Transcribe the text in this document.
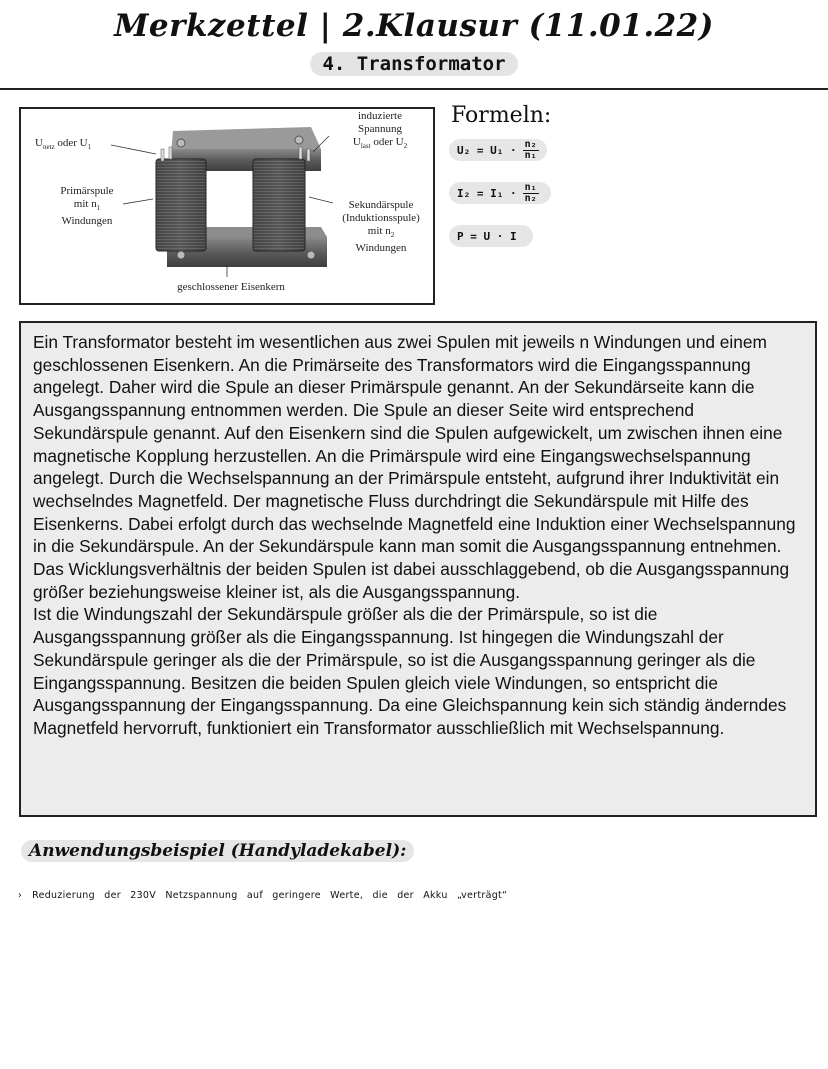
Merkzettel | 2.Klausur (11.01.22)
4. Transformator
$U_{netz}$ oder $U_1$
Primärspule
mit $n_1$
Windungen
induzierte
Spannung
$U_{last}$ oder $U_2$
Sekundärspule
(Induktionsspule)
mit $n_2$
Windungen
geschlossener Eisenkern
Formeln:
$U_2 = U_1 \cdot \frac{\text{n₂}}{\text{n₁}}$
$I_2 = I_1 \cdot \frac{\text{n₁}}{\text{n₂}}$
P = U · I

Ein Transformator besteht im wesentlichen aus zwei Spulen mit jeweils n Windungen und einem geschlossenen Eisenkern. An die Primärseite des Transformators wird die Eingangsspannung angelegt. Daher wird die Spule an dieser Primärspule genannt. An der Sekundärseite kann die Ausgangsspannung entnommen werden. Die Spule an dieser Seite wird entsprechend Sekundärspule genannt. Auf den Eisenkern sind die Spulen aufgewickelt, um zwischen ihnen eine magnetische Kopplung herzustellen. An die Primärspule wird eine Eingangswechselspannung angelegt. Durch die Wechselspannung an der Primärspule entsteht, aufgrund ihrer Induktivität ein wechselndes Magnetfeld. Der magnetische Fluss durchdringt die Sekundärspule mit Hilfe des Eisenkerns. Dabei erfolgt durch das wechselnde Magnetfeld eine Induktion einer Wechselspannung in die Sekundärspule. An der Sekundärspule kann man somit die Ausgangsspannung entnehmen. Das Wicklungsverhältnis der beiden Spulen ist dabei ausschlaggebend, ob die Ausgangsspannung größer beziehungsweise kleiner ist, als die Ausgangsspannung.

Ist die Windungszahl der Sekundärspule größer als die der Primärspule, so ist die Ausgangsspannung größer als die Eingangsspannung. Ist hingegen die Windungszahl der Sekundärspule geringer als die der Primärspule, so ist die Ausgangsspannung geringer als die Eingangsspannung. Besitzen die beiden Spulen gleich viele Windungen, so entspricht die Ausgangsspannung der Eingangsspannung. Da eine Gleichspannung kein sich ständig änderndes Magnetfeld hervorruft, funktioniert ein Transformator ausschließlich mit Wechselspannung.

Anwendungsbeispiel (Handyladekabel):
› Reduzierung der 230V Netzspannung auf geringere Werte, die der Akku „verträgt“
